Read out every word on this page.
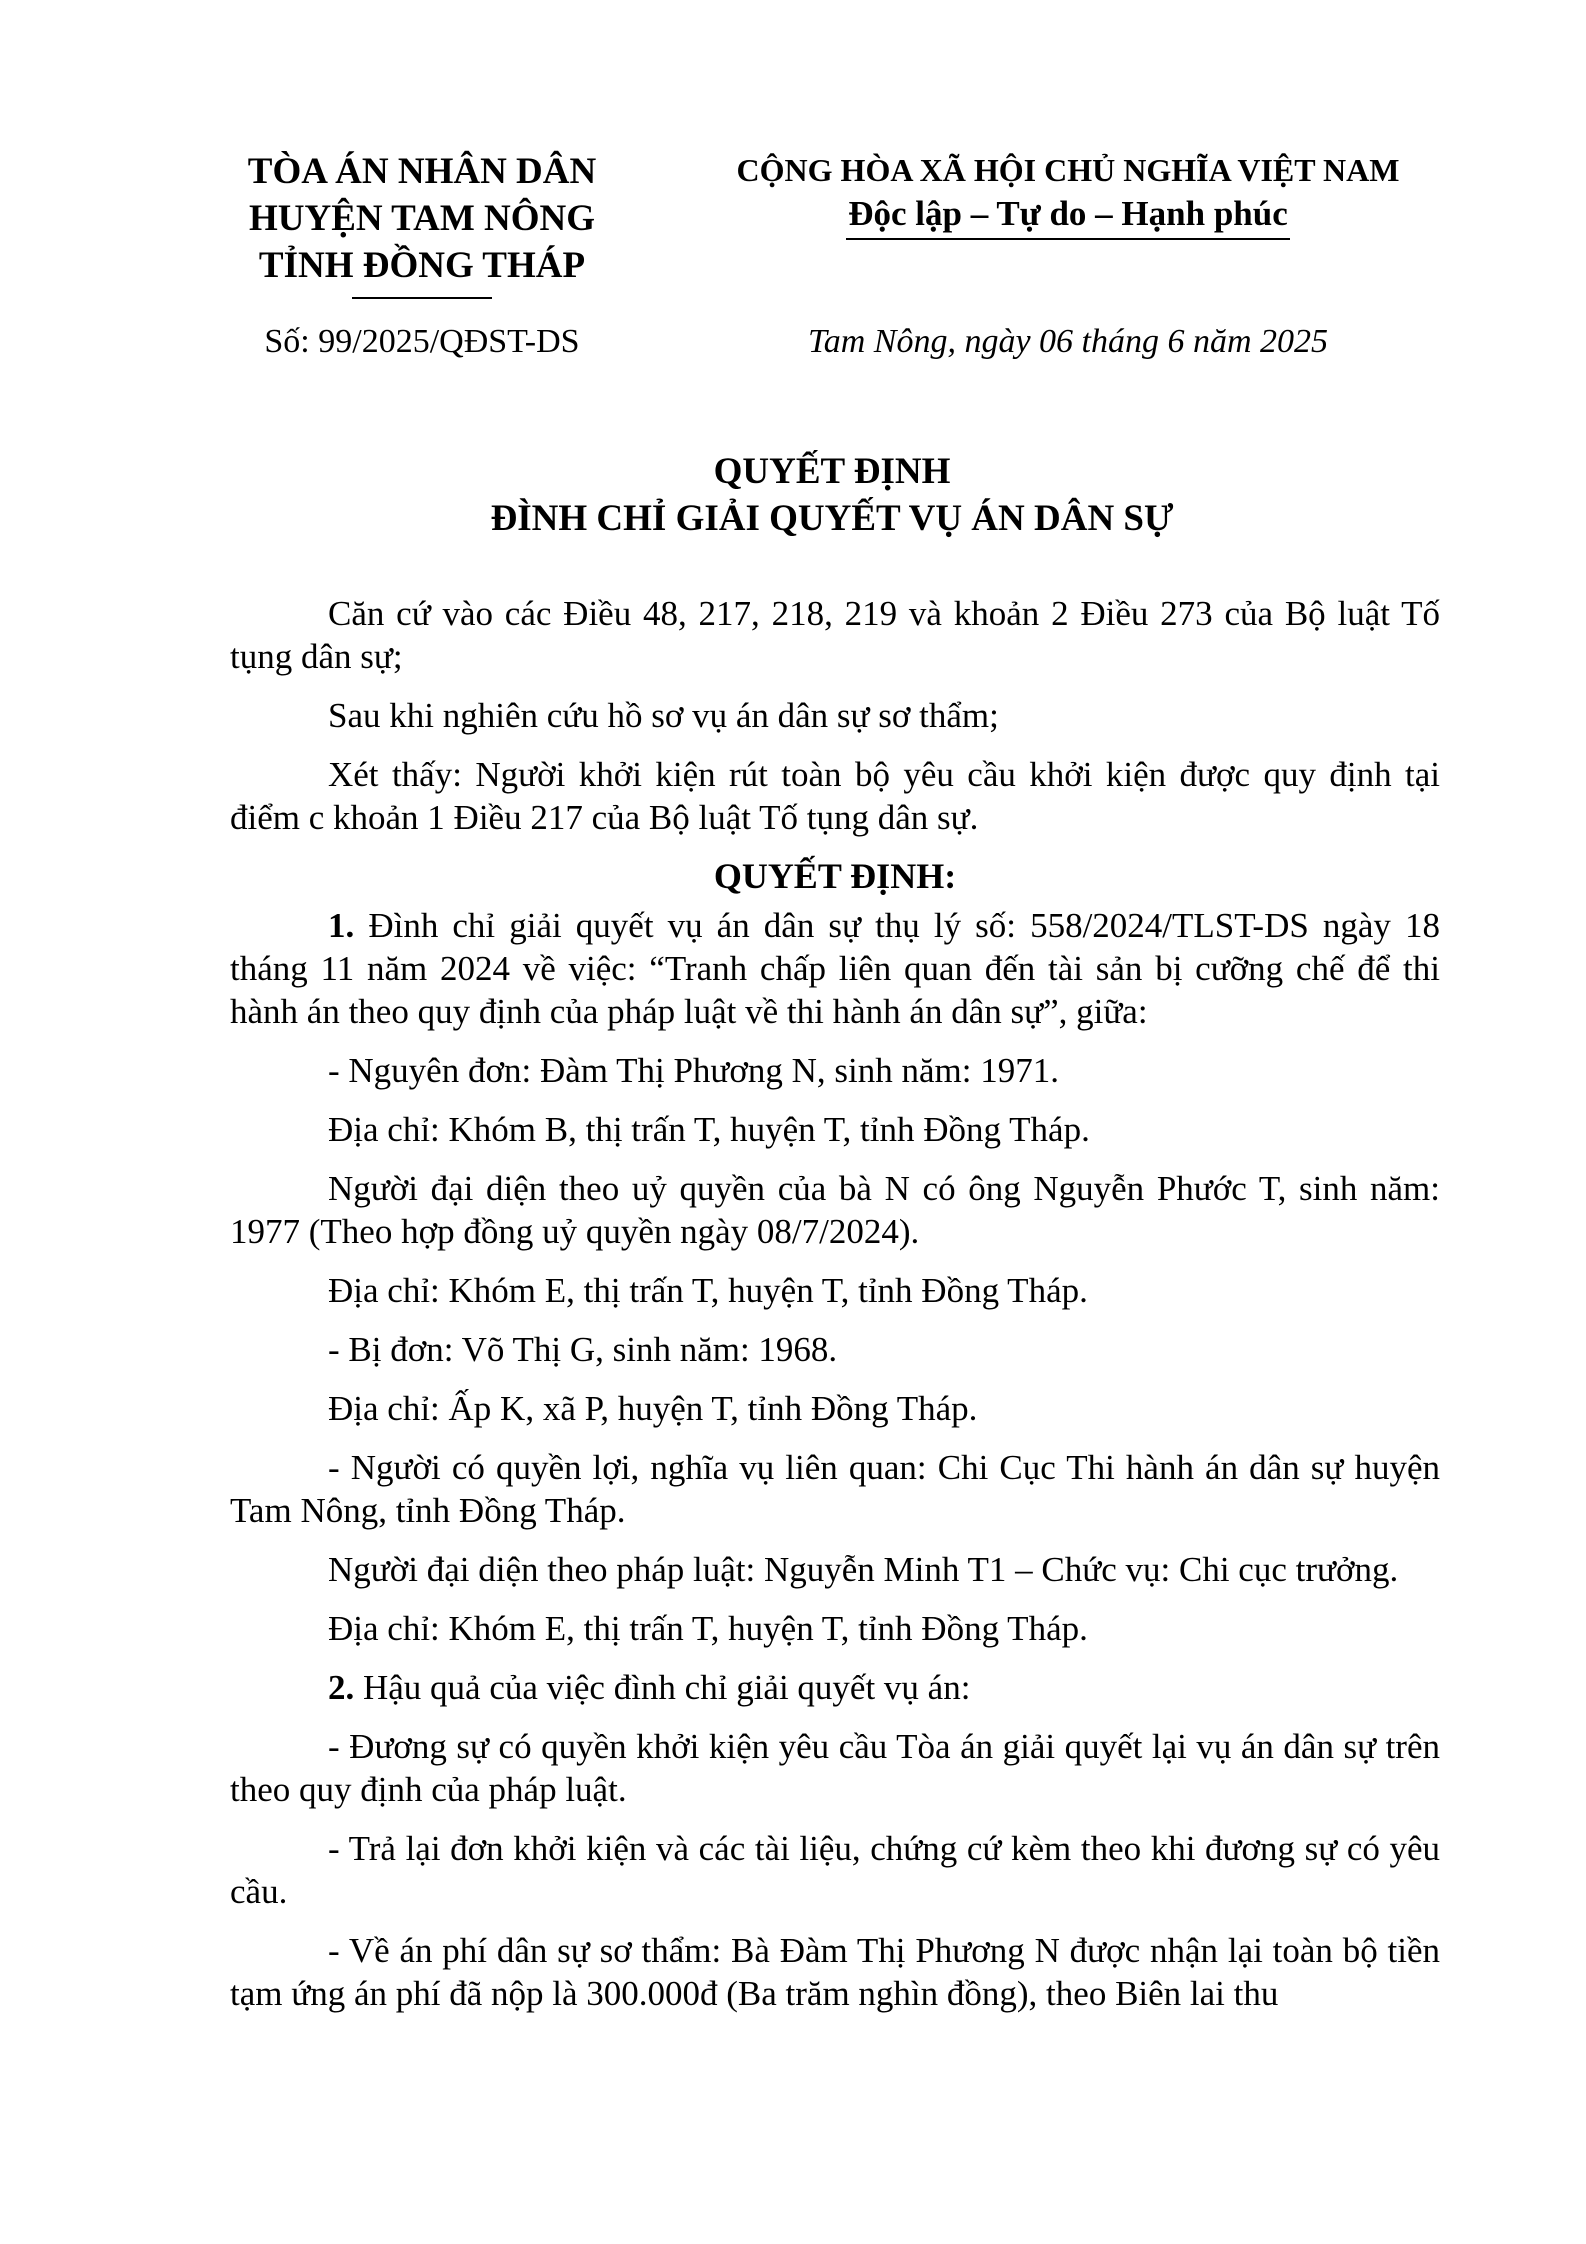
TÒA ÁN NHÂN DÂN
HUYỆN TAM NÔNG
TỈNH ĐỒNG THÁP
CỘNG HÒA XÃ HỘI CHỦ NGHĨA VIỆT NAM
Độc lập – Tự do – Hạnh phúc
Số: 99/2025/QĐST-DS	Tam Nông, ngày 06 tháng 6 năm 2025
QUYẾT ĐỊNH
ĐÌNH CHỈ GIẢI QUYẾT VỤ ÁN DÂN SỰ

Căn cứ vào các Điều 48, 217, 218, 219 và khoản 2 Điều 273 của Bộ luật Tố tụng dân sự;

Sau khi nghiên cứu hồ sơ vụ án dân sự sơ thẩm;

Xét thấy: Người khởi kiện rút toàn bộ yêu cầu khởi kiện được quy định tại điểm c khoản 1 Điều 217 của Bộ luật Tố tụng dân sự.

QUYẾT ĐỊNH:

1. Đình chỉ giải quyết vụ án dân sự thụ lý số: 558/2024/TLST-DS ngày 18 tháng 11 năm 2024 về việc: “Tranh chấp liên quan đến tài sản bị cưỡng chế để thi hành án theo quy định của pháp luật về thi hành án dân sự”, giữa:

- Nguyên đơn: Đàm Thị Phương N, sinh năm: 1971.

Địa chỉ: Khóm B, thị trấn T, huyện T, tỉnh Đồng Tháp.

Người đại diện theo uỷ quyền của bà N có ông Nguyễn Phước T, sinh năm: 1977 (Theo hợp đồng uỷ quyền ngày 08/7/2024).

Địa chỉ: Khóm E, thị trấn T, huyện T, tỉnh Đồng Tháp.

- Bị đơn: Võ Thị G, sinh năm: 1968.

Địa chỉ: Ấp K, xã P, huyện T, tỉnh Đồng Tháp.

- Người có quyền lợi, nghĩa vụ liên quan: Chi Cục Thi hành án dân sự huyện Tam Nông, tỉnh Đồng Tháp.

Người đại diện theo pháp luật: Nguyễn Minh T1 – Chức vụ: Chi cục trưởng.

Địa chỉ: Khóm E, thị trấn T, huyện T, tỉnh Đồng Tháp.

2. Hậu quả của việc đình chỉ giải quyết vụ án:

- Đương sự có quyền khởi kiện yêu cầu Tòa án giải quyết lại vụ án dân sự trên theo quy định của pháp luật.

- Trả lại đơn khởi kiện và các tài liệu, chứng cứ kèm theo khi đương sự có yêu cầu.

- Về án phí dân sự sơ thẩm: Bà Đàm Thị Phương N được nhận lại toàn bộ tiền tạm ứng án phí đã nộp là 300.000đ (Ba trăm nghìn đồng), theo Biên lai thu
